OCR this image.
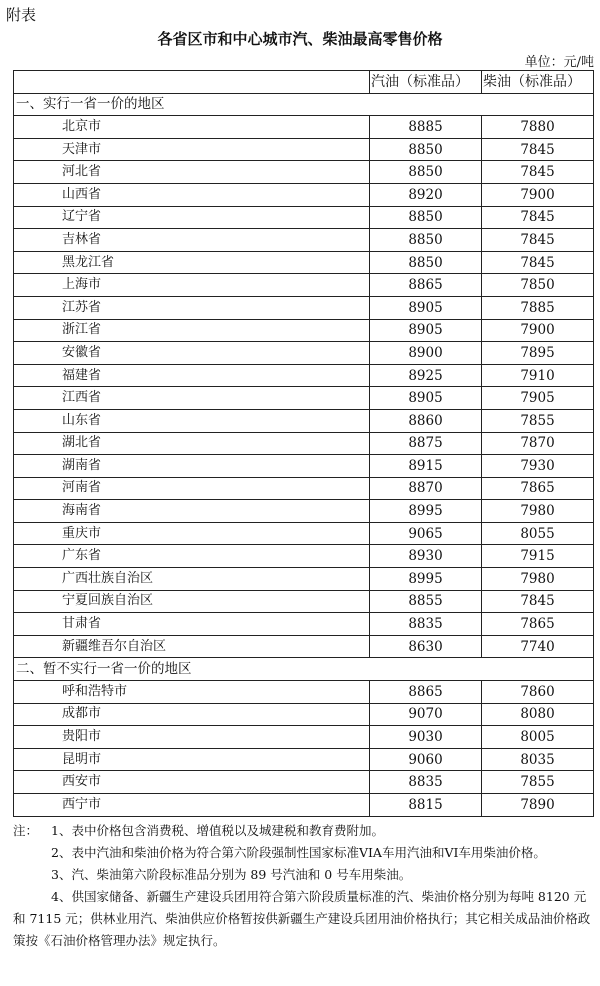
附表
各省区市和中心城市汽、柴油最高零售价格
单位：元/吨
	汽油（标准品）	柴油（标准品）
一、实行一省一价的地区		
北京市	8885	7880
天津市	8850	7845
河北省	8850	7845
山西省	8920	7900
辽宁省	8850	7845
吉林省	8850	7845
黑龙江省	8850	7845
上海市	8865	7850
江苏省	8905	7885
浙江省	8905	7900
安徽省	8900	7895
福建省	8925	7910
江西省	8905	7905
山东省	8860	7855
湖北省	8875	7870
湖南省	8915	7930
河南省	8870	7865
海南省	8995	7980
重庆市	9065	8055
广东省	8930	7915
广西壮族自治区	8995	7980
宁夏回族自治区	8855	7845
甘肃省	8835	7865
新疆维吾尔自治区	8630	7740
二、暂不实行一省一价的地区		
呼和浩特市	8865	7860
成都市	9070	8080
贵阳市	9030	8005
昆明市	9060	8035
西安市	8835	7855
西宁市	8815	7890
注：	1、表中价格包含消费税、增值税以及城建税和教育费附加。

2、表中汽油和柴油价格为符合第六阶段强制性国家标准VIA车用汽油和VI车用柴油价格。

3、汽、柴油第六阶段标准品分别为 89 号汽油和 0 号车用柴油。

4、供国家储备、新疆生产建设兵团用符合第六阶段质量标准的汽、柴油价格分别为每吨 8120 元和 7115 元；供林业用汽、柴油供应价格暂按供新疆生产建设兵团用油价格执行；其它相关成品油价格政策按《石油价格管理办法》规定执行。
